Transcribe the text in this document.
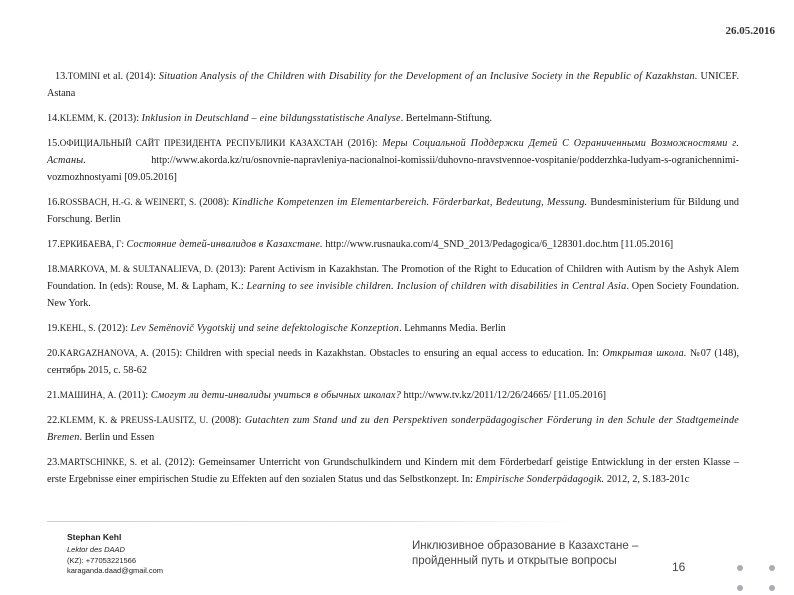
26.05.2016

13.TOMINI et al. (2014): Situation Analysis of the Children with Disability for the Development of an Inclusive Society in the Republic of Kazakhstan. UNICEF. Astana

14.KLEMM, K. (2013): Inklusion in Deutschland – eine bildungsstatistische Analyse. Bertelmann-Stiftung.

15.ОФИЦИАЛЬНЫЙ САЙТ ПРЕЗИДЕНТА РЕСПУБЛИКИ КАЗАХСТАН (2016): Меры Социальной Поддержки Детей С Ограниченными Возможностями г. Астаны. http://www.akorda.kz/ru/osnovnie-napravleniya-nacionalnoi-komissii/duhovno-nravstvennoe-vospitanie/podderzhka-ludyam-s-ogranichennimi-vozmozhnostyami [09.05.2016]

16.ROSSBACH, H.-G. & WEINERT, S. (2008): Kindliche Kompetenzen im Elementarbereich. Förderbarkat, Bedeutung, Messung. Bundesministerium für Bildung und Forschung. Berlin

17.ЕРКИБАЕВА, Г: Состояние детей-инвалидов в Казахстане. http://www.rusnauka.com/4_SND_2013/Pedagogica/6_128301.doc.htm [11.05.2016]

18.MARKOVA, M. & SULTANALIEVA, D. (2013): Parent Activism in Kazakhstan. The Promotion of the Right to Education of Children with Autism by the Ashyk Alem Foundation. In (eds): Rouse, M. & Lapham, K.: Learning to see invisible children. Inclusion of children with disabilities in Central Asia. Open Society Foundation. New York.

19.KEHL, S. (2012): Lev Semënovič Vygotskij und seine defektologische Konzeption. Lehmanns Media. Berlin

20.KARGAZHANOVA, A. (2015): Children with special needs in Kazakhstan. Obstacles to ensuring an equal access to education. In: Открытая школа. №07 (148), сентябрь 2015, с. 58-62

21.МАШИНА, А. (2011): Смогут ли дети-инвалиды учиться в обычных школах? http://www.tv.kz/2011/12/26/24665/ [11.05.2016]

22.KLEMM, K. & PREUSS-LAUSITZ, U. (2008): Gutachten zum Stand und zu den Perspektiven sonderpädagogischer Förderung in den Schule der Stadtgemeinde Bremen. Berlin und Essen

23.MARTSCHINKE, S. et al. (2012): Gemeinsamer Unterricht von Grundschulkindern und Kindern mit dem Förderbedarf geistige Entwicklung in der ersten Klasse – erste Ergebnisse einer empirischen Studie zu Effekten auf den sozialen Status und das Selbstkonzept. In: Empirische Sonderpädagogik. 2012, 2, S.183-201c

Stephan Kehl
Lektor des DAAD
(KZ): +77053221566
karaganda.daad@gmail.com
Инклюзивное образование в Казахстане – пройденный путь и открытые вопросы	16
